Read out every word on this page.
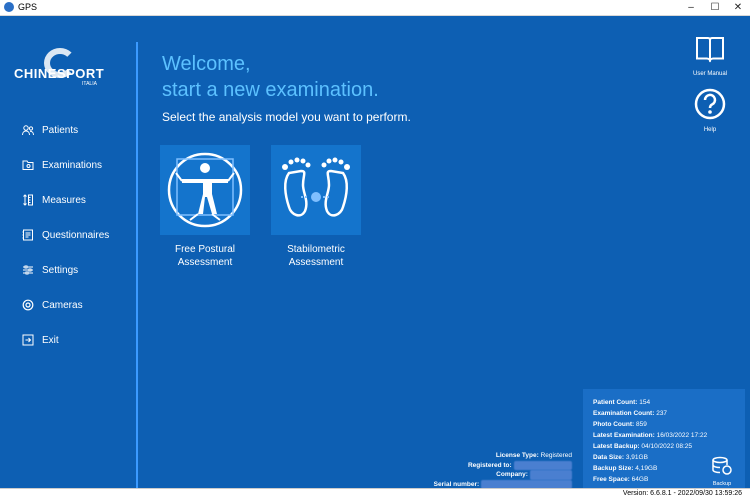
GPS	–	☐	✕
CHINESPORT
ITALIA
Patients
Examinations
Measures
Questionnaires
Settings
Cameras
Exit
Welcome,
start a new examination.
Select the analysis model you want to perform.
Free Postural
Assessment
Stabilometric
Assessment
User Manual
Help
License Type: Registered
Registered to:
Company:
Serial number:
Patient Count: 154
Examination Count: 237
Photo Count: 859
Latest Examination: 16/03/2022 17:22
Latest Backup: 04/10/2022 08:25
Data Size: 3,91GB
Backup Size: 4,19GB
Free Space: 64GB
Backup
Version: 6.6.8.1 - 2022/09/30 13:59:26
